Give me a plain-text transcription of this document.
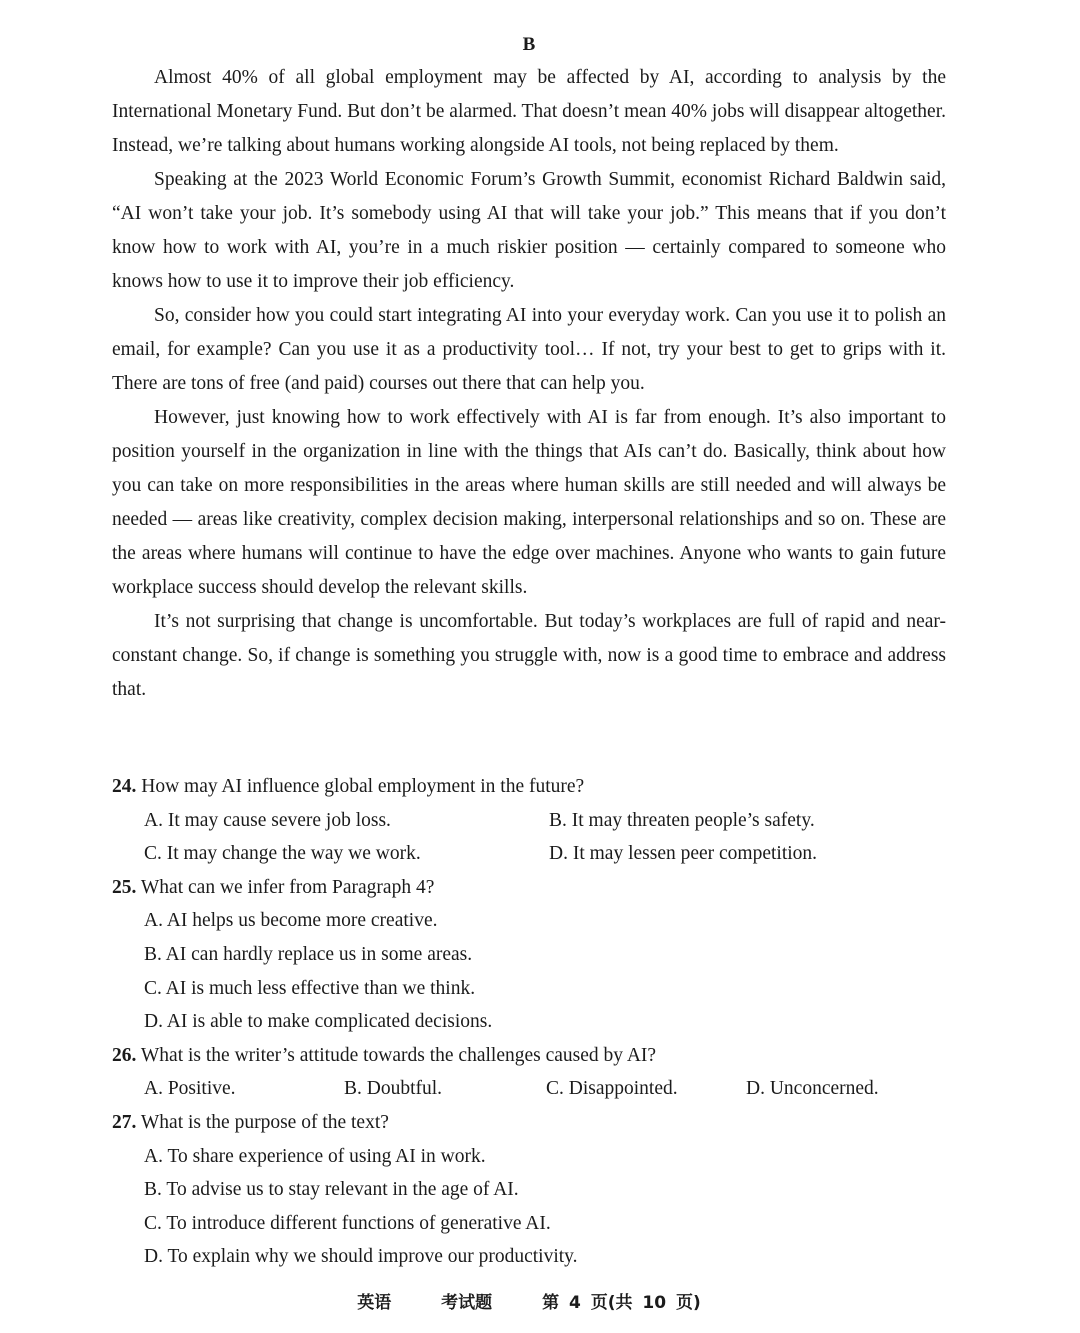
B

Almost 40% of all global employment may be affected by AI, according to analysis by the International Monetary Fund. But don’t be alarmed. That doesn’t mean 40% jobs will disappear altogether. Instead, we’re talking about humans working alongside AI tools, not being replaced by them.

Speaking at the 2023 World Economic Forum’s Growth Summit, economist Richard Baldwin said, “AI won’t take your job. It’s somebody using AI that will take your job.” This means that if you don’t know how to work with AI, you’re in a much riskier position — certainly compared to someone who knows how to use it to improve their job efficiency.

So, consider how you could start integrating AI into your everyday work. Can you use it to polish an email, for example? Can you use it as a productivity tool… If not, try your best to get to grips with it. There are tons of free (and paid) courses out there that can help you.

However, just knowing how to work effectively with AI is far from enough. It’s also important to position yourself in the organization in line with the things that AIs can’t do. Basically, think about how you can take on more responsibilities in the areas where human skills are still needed and will always be needed — areas like creativity, complex decision making, interpersonal relationships and so on. These are the areas where humans will continue to have the edge over machines. Anyone who wants to gain future workplace success should develop the relevant skills.

It’s not surprising that change is uncomfortable. But today’s workplaces are full of rapid and near-constant change. So, if change is something you struggle with, now is a good time to embrace and address that.

24. How may AI influence global employment in the future?
A. It may cause severe job loss.	B. It may threaten people’s safety.
C. It may change the way we work.	D. It may lessen peer competition.
25. What can we infer from Paragraph 4?
A. AI helps us become more creative.
B. AI can hardly replace us in some areas.
C. AI is much less effective than we think.
D. AI is able to make complicated decisions.
26. What is the writer’s attitude towards the challenges caused by AI?
A. Positive.	B. Doubtful.	C. Disappointed.	D. Unconcerned.
27. What is the purpose of the text?
A. To share experience of using AI in work.
B. To advise us to stay relevant in the age of AI.
C. To introduce different functions of generative AI.
D. To explain why we should improve our productivity.
英语	考试题	第 4 页(共 10 页)
